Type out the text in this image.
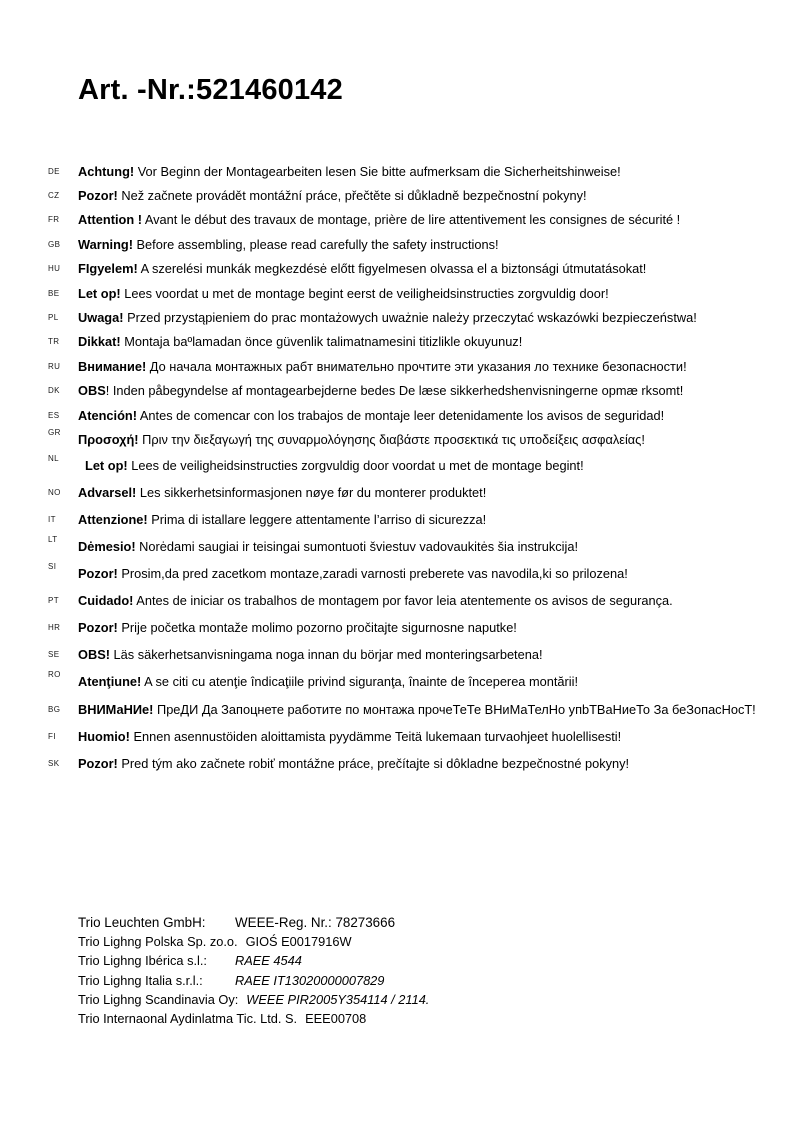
Art. -Nr.:521460142
DE	Achtung! Vor Beginn der Montagearbeiten lesen Sie bitte aufmerksam die Sicherheitshinweise!
CZ	Pozor! Než začnete provádět montážní práce, přečtěte si důkladně bezpečnostní pokyny!
FR	Attention ! Avant le début des travaux de montage, prière de lire attentivement les consignes de sécurité !
GB	Warning! Before assembling, please read carefully the safety instructions!
HU	FIgyelem! A szerelési munkák megkezdésė előtt figyelmesen olvassa el a biztonsági útmutatásokat!
BE	Let op! Lees voordat u met de montage begint eerst de veiligheidsinstructies zorgvuldig door!
PL	Uwaga! Przed przystąpieniem do prac montażowych uważnie należy przeczytać wskazówki bezpieczeństwa!
TR	Dikkat! Montaja baºlamadan önce güvenlik talimatnamesini titizlikle okuyunuz!
RU	Внимание! До начала монтажных рабт внимательно прочтите эти указания ло технике безопасности!
DK	OBS! Inden påbegyndelse af montagearbejderne bedes De læse sikkerhedshenvisningerne opmæ rksomt!
ES	Atención! Antes de comencar con los trabajos de montaje leer detenidamente los avisos de seguridad!
GR	Προσοχή! Πριν την διεξαγωγή της συναρμολόγησης διαβάστε προσεκτικά τις υποδείξεις ασφαλείας!
NL	Let op! Lees de veiligheidsinstructies zorgvuldig door voordat u met de montage begint!
NO	Advarsel! Les sikkerhetsinformasjonen nøye før du monterer produktet!
IT	Attenzione! Prima di istallare leggere attentamente l’arriso di sicurezza!
LT	Dėmesio! Norėdami saugiai ir teisingai sumontuoti šviestuv vadovaukitės šia instrukcija!
SI	Pozor! Prosim,da pred zacetkom montaze,zaradi varnosti preberete vas navodila,ki so prilozena!
PT	Cuidado! Antes de iniciar os trabalhos de montagem por favor leia atentemente os avisos de segurança.
HR	Pozor! Prije početka montaže molimo pozorno pročitajte sigurnosne naputke!
SE	OBS! Läs säkerhetsanvisningama noga innan du börjar med monteringsarbetena!
RO	Atenţiune! A se citi cu atenţie îndicaţiile privind siguranţa, înainte de începerea montării!
BG	ВНИМаНИе! ПреДИ Да Запоцнете работите по монтажа прочеТеТе ВНиМаТелНо упbТВаНиеТо За беЗопасНосТ!
FI	Huomio! Ennen asennustöiden aloittamista pyydämme Teitä lukemaan turvaohjeet huolellisesti!
SK	Pozor! Pred tým ako začnete robiť montážne práce, prečítajte si dôkladne bezpečnostné pokyny!
Trio Leuchten GmbH:	WEEE-Reg. Nr.: 78273666
Trio Lighng Polska Sp. zo.o. GIOŚ E0017916W
Trio Lighng Ibérica s.l.:	RAEE 4544
Trio Lighng Italia s.r.l.:	RAEE IT13020000007829
Trio Lighng Scandinavia Oy: WEEE PIR2005Y354114 / 2114.
Trio Internaonal Aydinlatma Tic. Ltd. S. EEE00708
